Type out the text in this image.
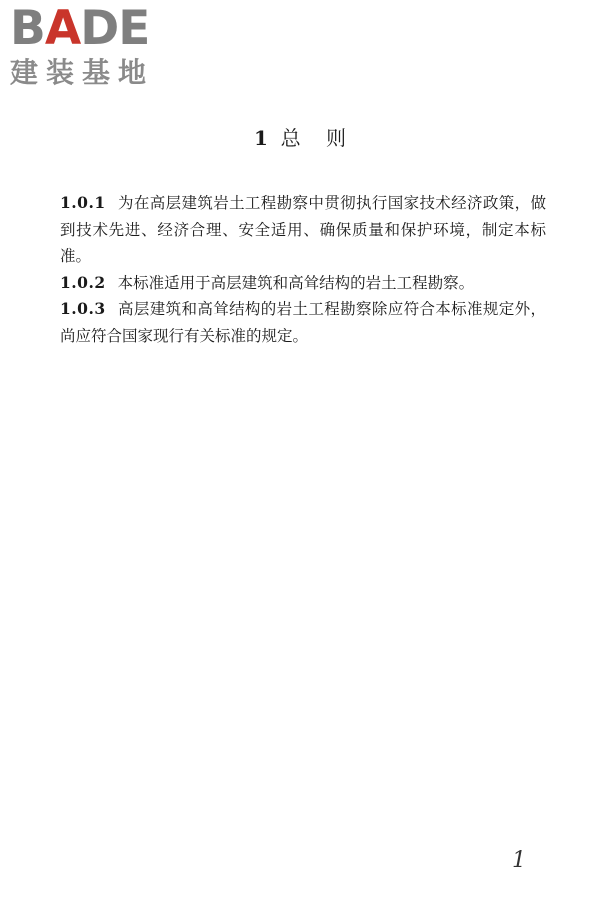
BADE
建装基地
1 总    则

1.0.1 为在高层建筑岩土工程勘察中贯彻执行国家技术经济政策，做到技术先进、经济合理、安全适用、确保质量和保护环境，制定本标准。

1.0.2 本标准适用于高层建筑和高耸结构的岩土工程勘察。

1.0.3 高层建筑和高耸结构的岩土工程勘察除应符合本标准规定外，尚应符合国家现行有关标准的规定。

1
